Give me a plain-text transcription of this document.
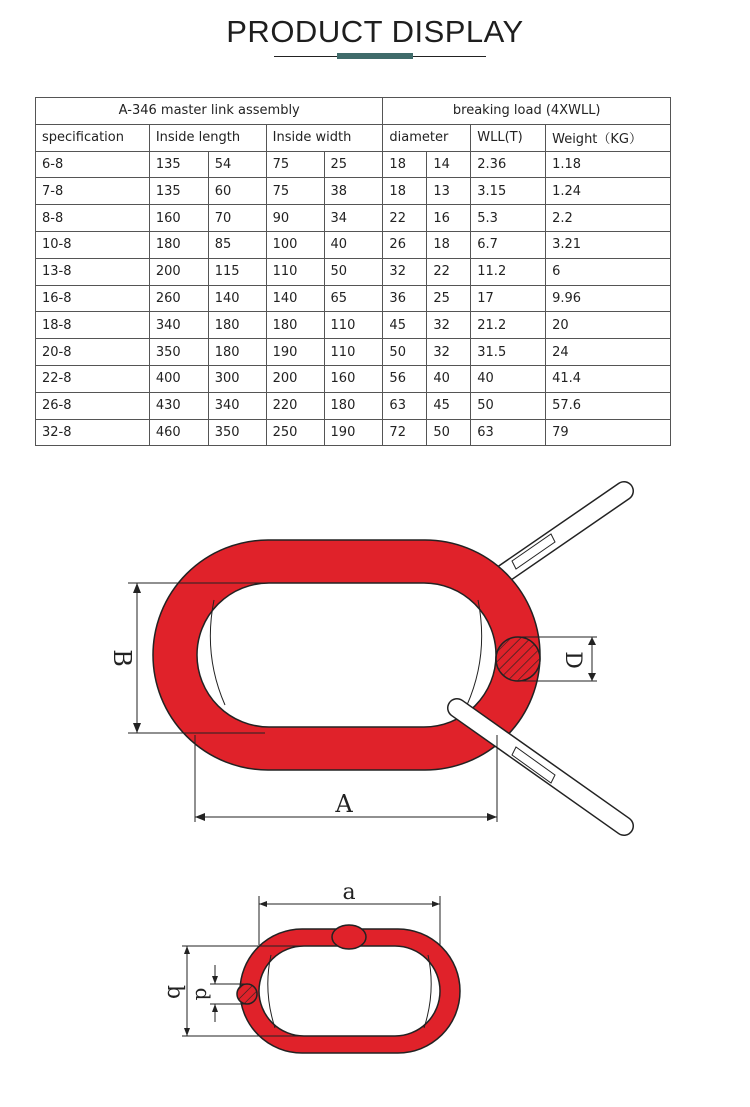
PRODUCT DISPLAY
A-346 master link assembly					breaking load (4XWLL)			
specification	Inside length		Inside width		diameter		WLL(T)	Weight（KG）
6-8	135	54	75	25	18	14	2.36	1.18
7-8	135	60	75	38	18	13	3.15	1.24
8-8	160	70	90	34	22	16	5.3	2.2
10-8	180	85	100	40	26	18	6.7	3.21
13-8	200	115	110	50	32	22	11.2	6
16-8	260	140	140	65	36	25	17	9.96
18-8	340	180	180	110	45	32	21.2	20
20-8	350	180	190	110	50	32	31.5	24
22-8	400	300	200	160	56	40	40	41.4
26-8	430	340	220	180	63	45	50	57.6
32-8	460	350	250	190	72	50	63	79
A
B	D
a
b d
